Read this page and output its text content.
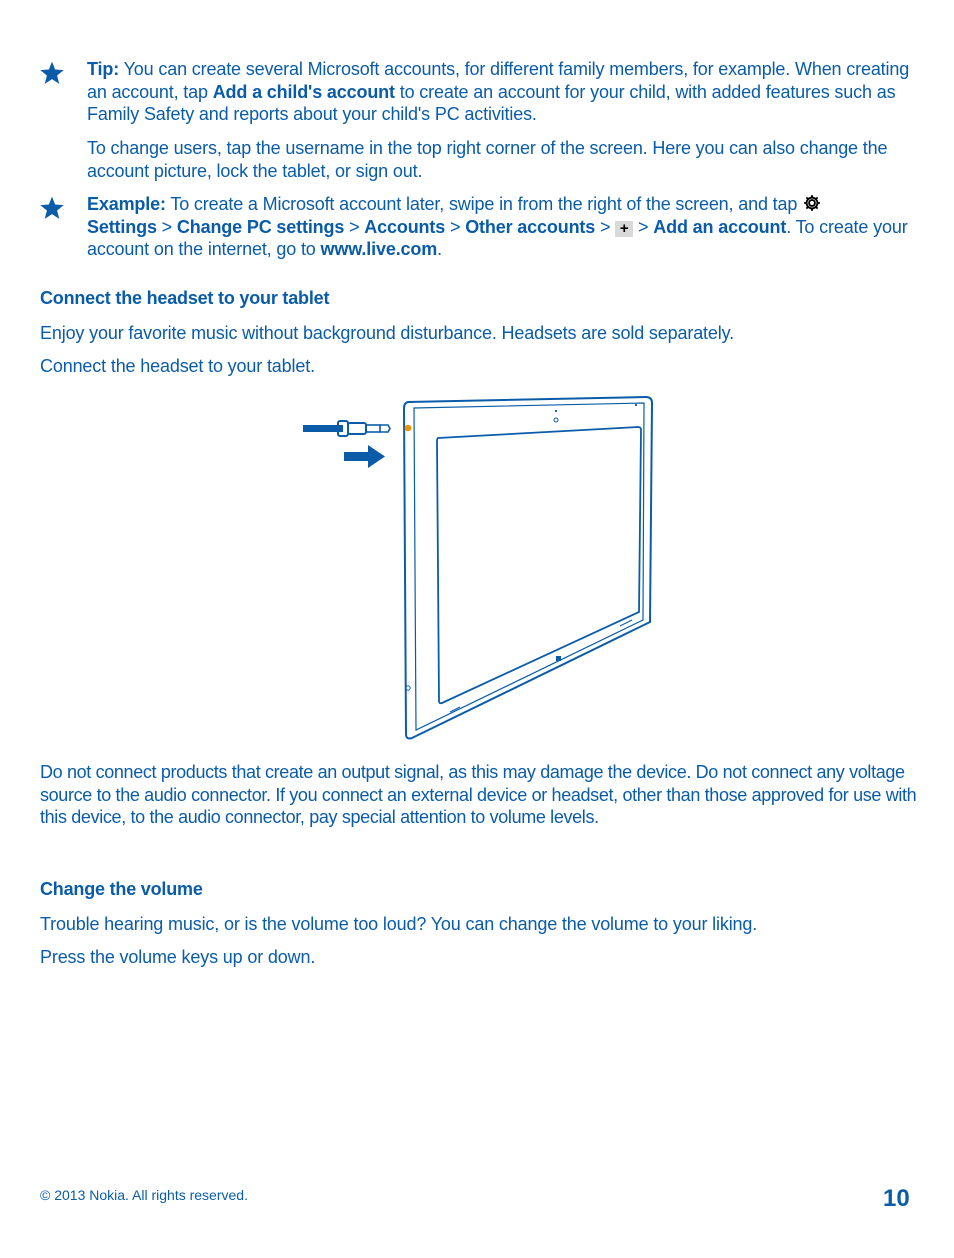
Tip: You can create several Microsoft accounts, for different family members, for example. When creating an account, tap Add a child's account to create an account for your child, with added features such as Family Safety and reports about your child's PC activities.
To change users, tap the username in the top right corner of the screen. Here you can also change the account picture, lock the tablet, or sign out.
Example: To create a Microsoft account later, swipe in from the right of the screen, and tap
Settings > Change PC settings > Accounts > Other accounts > + > Add an account. To create your account on the internet, go to www.live.com.
Connect the headset to your tablet
Enjoy your favorite music without background disturbance. Headsets are sold separately.
Connect the headset to your tablet.
Do not connect products that create an output signal, as this may damage the device. Do not connect any voltage source to the audio connector. If you connect an external device or headset, other than those approved for use with this device, to the audio connector, pay special attention to volume levels.
Change the volume
Trouble hearing music, or is the volume too loud? You can change the volume to your liking.
Press the volume keys up or down.
© 2013 Nokia. All rights reserved.	10
